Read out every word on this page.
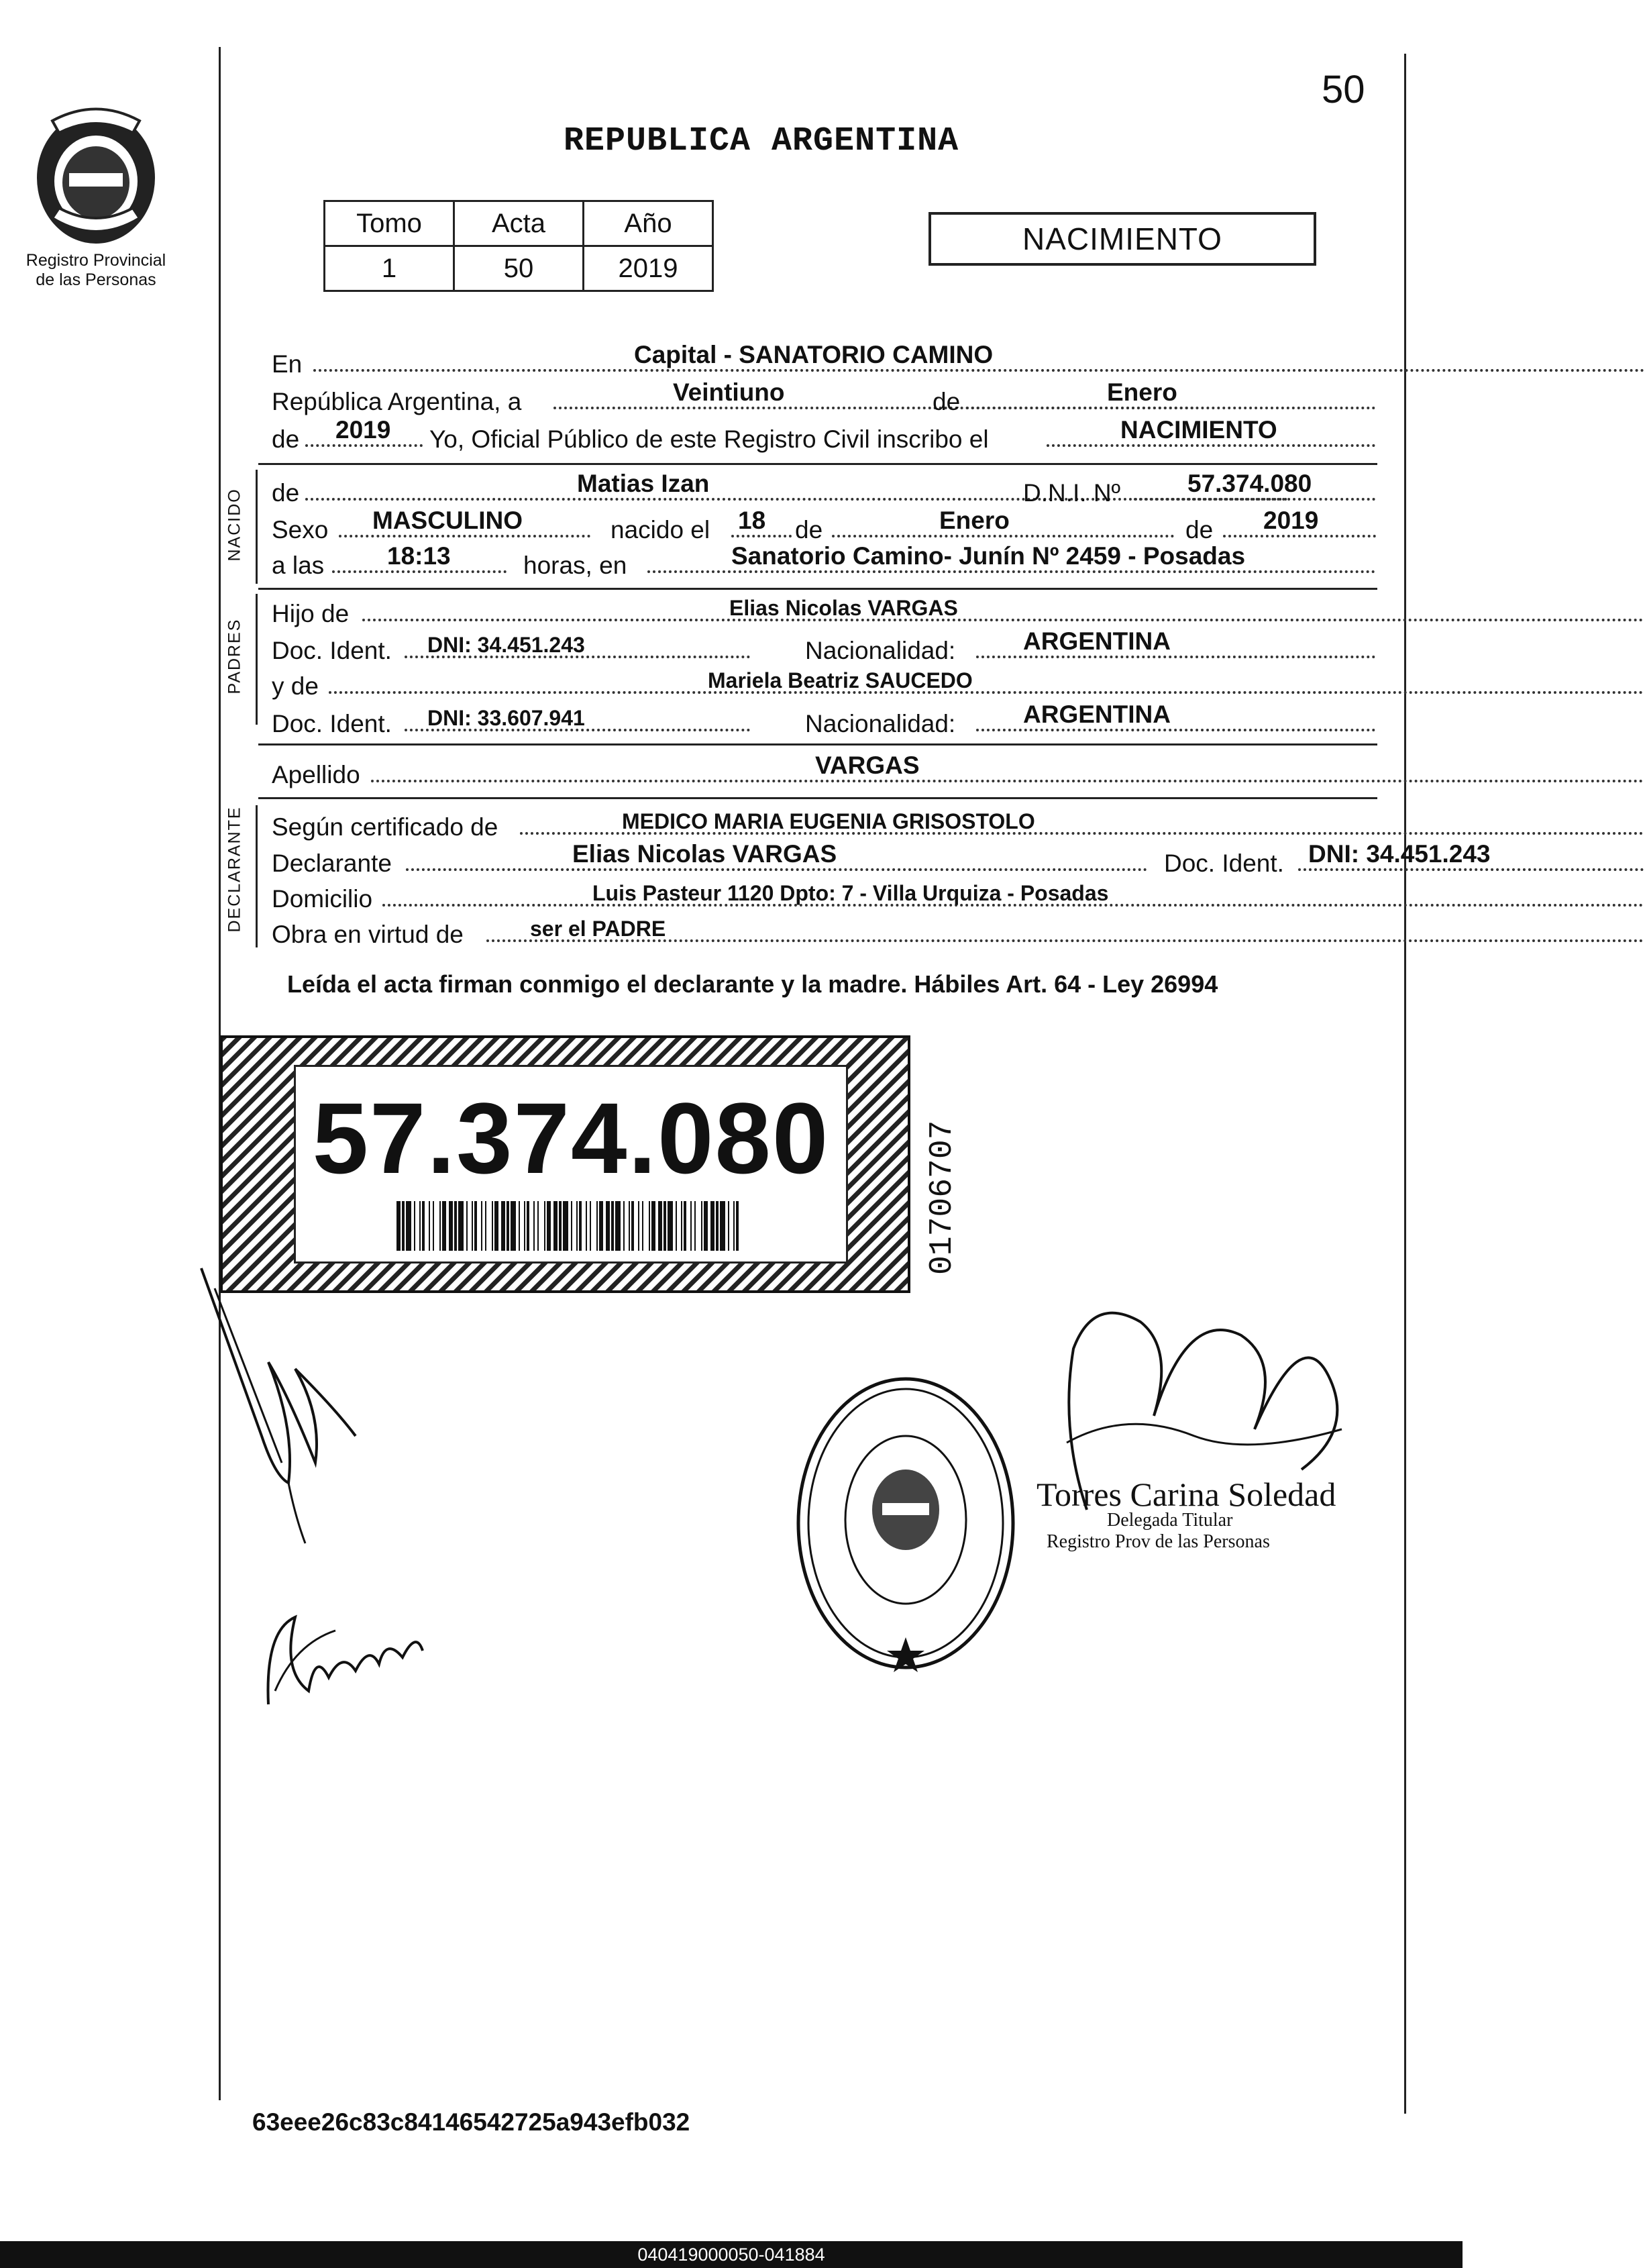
50
Registro Provincial
de las Personas
REPUBLICA ARGENTINA
Tomo	Acta	Año
1	50	2019
NACIMIENTO
En	Capital - SANATORIO CAMINO
República Argentina, a	Veintiuno	de	Enero
de 2019 Yo, Oficial Público de este Registro Civil inscribo el	NACIMIENTO
NACIDO de	Matias Izan	D.N.I. Nº	57.374.080
Sexo MASCULINO	nacido el 18 de	Enero	de 2019
a las	18:13	horas, en	Sanatorio Camino- Junín Nº 2459 - Posadas
PADRES
Hijo de	Elias Nicolas VARGAS
Doc. Ident. DNI: 34.451.243	Nacionalidad:	ARGENTINA
y de	Mariela Beatriz SAUCEDO
Doc. Ident. DNI: 33.607.941	Nacionalidad:	ARGENTINA
Apellido	VARGAS
DECLARANTE Según certificado de	MEDICO MARIA EUGENIA GRISOSTOLO
Declarante	Elias Nicolas VARGAS	Doc. Ident. DNI: 34.451.243
Domicilio	Luis Pasteur 1120 Dpto: 7 - Villa Urquiza - Posadas
Obra en virtud de	ser el PADRE
Leída el acta firman conmigo el declarante y la madre. Hábiles Art. 64 - Ley 26994
57.374.080	01706707
Torres Carina Soledad
Delegada Titular
Registro Prov de las Personas
63eee26c83c84146542725a943efb032
040419000050-041884
